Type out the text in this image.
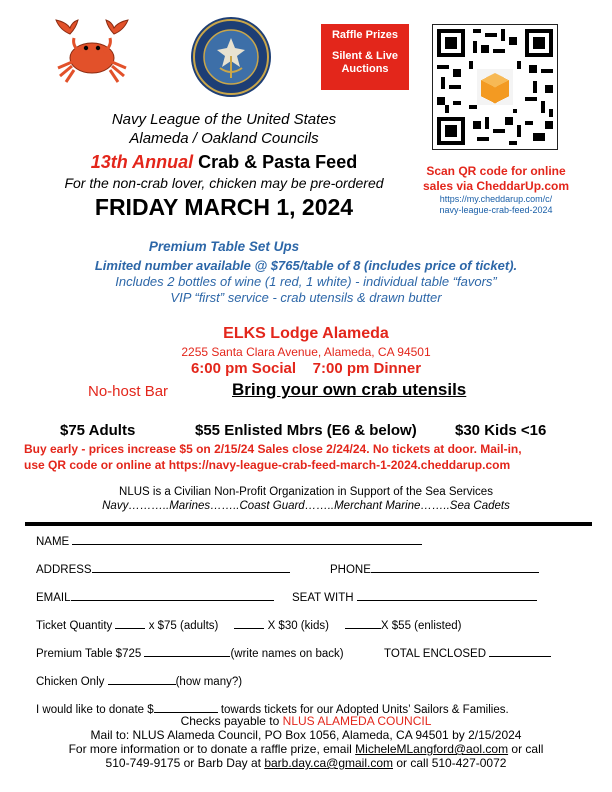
Raffle Prizes
Silent & Live
Auctions
Navy League of the United States
Alameda / Oakland Councils
13th Annual Crab & Pasta Feed
For the non-crab lover, chicken may be pre-ordered
FRIDAY MARCH 1, 2024
Scan QR code for online
sales via CheddarUp.com
https://my.cheddarup.com/c/
navy-league-crab-feed-2024
Premium Table Set Ups
Limited number available @ $765/table of 8 (includes price of ticket).
Includes 2 bottles of wine (1 red, 1 white) - individual table “favors”
VIP “first” service - crab utensils & drawn butter
ELKS Lodge Alameda
2255 Santa Clara Avenue, Alameda, CA 94501
6:00 pm Social 7:00 pm Dinner
No-host Bar	Bring your own crab utensils
$75 Adults	$55 Enlisted Mbrs (E6 & below)	$30 Kids <16
Buy early - prices increase $5 on 2/15/24 Sales close 2/24/24. No tickets at door. Mail-in,
use QR code or online at https://navy-league-crab-feed-march-1-2024.cheddarup.com
NLUS is a Civilian Non-Profit Organization in Support of the Sea Services
Navy………..Marines……..Coast Guard……..Merchant Marine……..Sea Cadets
NAME
ADDRESS	PHONE
EMAIL	SEAT WITH
Ticket Quantity	x $75 (adults)	X $30 (kids)	X $55 (enlisted)
Premium Table $725	(write names on back)	TOTAL ENCLOSED
Chicken Only	(how many?)
I would like to donate $	towards tickets for our Adopted Units’ Sailors & Families.
Checks payable to NLUS ALAMEDA COUNCIL
Mail to: NLUS Alameda Council, PO Box 1056, Alameda, CA 94501 by 2/15/2024
For more information or to donate a raffle prize, email MicheleMLangford@aol.com or call
510-749-9175 or Barb Day at barb.day.ca@gmail.com or call 510-427-0072
